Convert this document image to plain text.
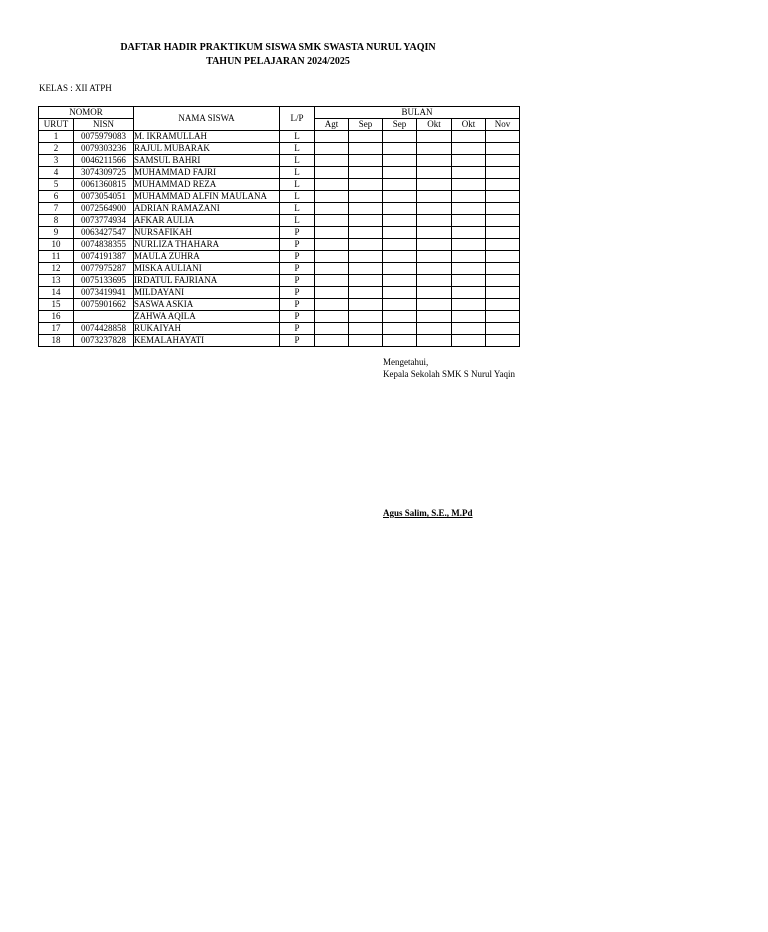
DAFTAR HADIR PRAKTIKUM SISWA SMK SWASTA NURUL YAQIN
TAHUN PELAJARAN 2024/2025
KELAS : XII ATPH
NOMOR		NAMA SISWA	L/P	BULAN					
URUT	NISN			Agt	Sep	Sep	Okt	Okt	Nov
1	0075979083	M. IKRAMULLAH	L						
2	0079303236	RAJUL MUBARAK	L						
3	0046211566	SAMSUL BAHRI	L						
4	3074309725	MUHAMMAD FAJRI	L						
5	0061360815	MUHAMMAD REZA	L						
6	0073054051	MUHAMMAD ALFIN MAULANA	L						
7	0072564900	ADRIAN RAMAZANI	L						
8	0073774934	AFKAR AULIA	L						
9	0063427547	NURSAFIKAH	P						
10	0074838355	NURLIZA THAHARA	P						
11	0074191387	MAULA ZUHRA	P						
12	0077975287	MISKA AULIANI	P						
13	0075133695	IRDATUL FAJRIANA	P						
14	0073419941	MILDAYANI	P						
15	0075901662	SASWA ASKIA	P						
16		ZAHWA AQILA	P						
17	0074428858	RUKAIYAH	P						
18	0073237828	KEMALAHAYATI	P						
Mengetahui,
Kepala Sekolah SMK S Nurul Yaqin
Agus Salim, S.E., M.Pd
